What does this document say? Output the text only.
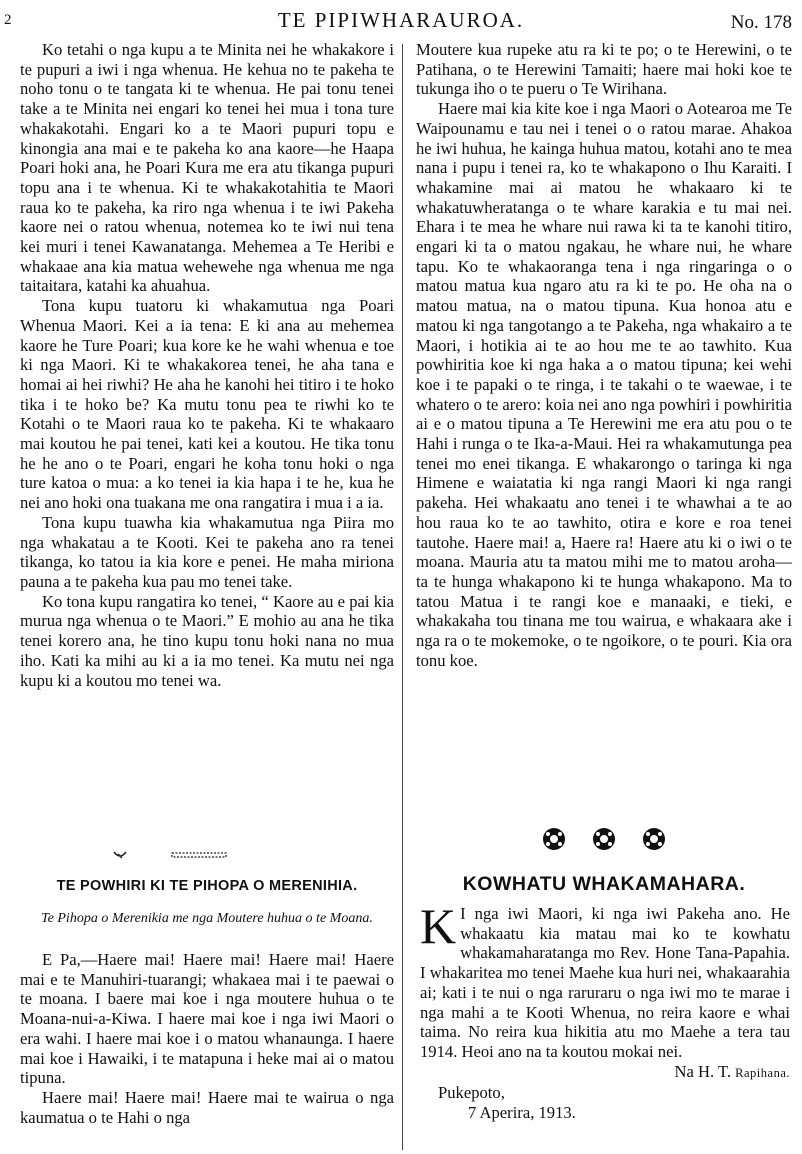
2	TE PIPIWHARAUROA.	No. 178

Ko tetahi o nga kupu a te Minita nei he whakakore i te pupuri a iwi i nga whenua. He kehua no te pakeha te noho tonu o te tangata ki te whenua. He pai tonu tenei take a te Minita nei engari ko tenei hei mua i tona ture whakakotahi. Engari ko a te Maori pupuri topu e kinongia ana mai e te pakeha ko ana kaore—he Haapa Poari hoki ana, he Poari Kura me era atu tikanga pupuri topu ana i te whenua. Ki te whakakotahitia te Maori raua ko te pakeha, ka riro nga whenua i te iwi Pakeha kaore nei o ratou whenua, notemea ko te iwi nui tena kei muri i tenei Kawanatanga. Mehemea a Te Heribi e whakaae ana kia matua wehewehe nga whenua me nga taitaitara, katahi ka ahuahua.

Tona kupu tuatoru ki whakamutua nga Poari Whenua Maori. Kei a ia tena: E ki ana au mehemea kaore he Ture Poari; kua kore ke he wahi whenua e toe ki nga Maori. Ki te whakakorea tenei, he aha tana e homai ai hei riwhi? He aha he kanohi hei titiro i te hoko tika i te hoko be? Ka mutu tonu pea te riwhi ko te Kotahi o te Maori raua ko te pakeha. Ki te whakaaro mai koutou he pai tenei, kati kei a koutou. He tika tonu he he ano o te Poari, engari he koha tonu hoki o nga ture katoa o mua: a ko tenei ia kia hapa i te he, kua he nei ano hoki ona tuakana me ona rangatira i mua i a ia.

Tona kupu tuawha kia whakamutua nga Piira mo nga whakatau a te Kooti. Kei te pakeha ano ra tenei tikanga, ko tatou ia kia kore e penei. He maha miriona pauna a te pakeha kua pau mo tenei take.

Ko tona kupu rangatira ko tenei, “ Kaore au e pai kia murua nga whenua o te Maori.” E mohio au ana he tika tenei korero ana, he tino kupu tonu hoki nana no mua iho. Kati ka mihi au ki a ia mo tenei. Ka mutu nei nga kupu ki a koutou mo tenei wa.

TE POWHIRI KI TE PIHOPA O MERENIHIA.
Te Pihopa o Merenikia me nga Moutere huhua o te Moana.

E Pa,—Haere mai! Haere mai! Haere mai! Haere mai e te Manuhiri-tuarangi; whakaea mai i te paewai o te moana. I baere mai koe i nga moutere huhua o te Moana-nui-a-Kiwa. I haere mai koe i nga iwi Maori o era wahi. I haere mai koe i o matou whanaunga. I haere mai koe i Hawaiki, i te matapuna i heke mai ai o matou tipuna.

Haere mai! Haere mai! Haere mai te wairua o nga kaumatua o te Hahi o nga

Moutere kua rupeke atu ra ki te po; o te Herewini, o te Patihana, o te Herewini Tamaiti; haere mai hoki koe te tukunga iho o te pueru o Te Wirihana.

Haere mai kia kite koe i nga Maori o Aotearoa me Te Waipounamu e tau nei i tenei o o ratou marae. Ahakoa he iwi huhua, he kainga huhua matou, kotahi ano te mea nana i pupu i tenei ra, ko te whakapono o Ihu Karaiti. I whakamine mai ai matou he whakaaro ki te whakatuwheratanga o te whare karakia e tu mai nei. Ehara i te mea he whare nui rawa ki ta te kanohi titiro, engari ki ta o matou ngakau, he whare nui, he whare tapu. Ko te whakaoranga tena i nga ringaringa o o matou matua kua ngaro atu ra ki te po. He oha na o matou matua, na o matou tipuna. Kua honoa atu e matou ki nga tangotango a te Pakeha, nga whakairo a te Maori, i hotikia ai te ao hou me te ao tawhito. Kua powhiritia koe ki nga haka a o matou tipuna; kei wehi koe i te papaki o te ringa, i te takahi o te waewae, i te whatero o te arero: koia nei ano nga powhiri i powhiritia ai e o matou tipuna a Te Herewini me era atu pou o te Hahi i runga o te Ika-a-Maui. Hei ra whakamutunga pea tenei mo enei tikanga. E whakarongo o taringa ki nga Himene e waiatatia ki nga rangi Maori ki nga rangi pakeha. Hei whakaatu ano tenei i te whawhai a te ao hou raua ko te ao tawhito, otira e kore e roa tenei tautohe. Haere mai! a, Haere ra! Haere atu ki o iwi o te moana. Mauria atu ta matou mihi me to matou aroha—ta te hunga whakapono ki te hunga whakapono. Ma to tatou Matua i te rangi koe e manaaki, e tieki, e whakakaha tou tinana me tou wairua, e whakaara ake i nga ra o te mokemoke, o te ngoikore, o te pouri. Kia ora tonu koe.

KOWHATU WHAKAMAHARA.

K I nga iwi Maori, ki nga iwi Pakeha ano. He whakaatu kia matau mai ko te kowhatu whakamaharatanga mo Rev. Hone Tana-Papahia. I whakaritea mo tenei Maehe kua huri nei, whakaarahia ai; kati i te nui o nga raruraru o nga iwi mo te marae i nga mahi a te Kooti Whenua, no reira kaore e whai taima. No reira kua hikitia atu mo Maehe a tera tau 1914. Heoi ano na ta koutou mokai nei.

Na H. T. Rapihana.

Pukepoto,

7 Aperira, 1913.
